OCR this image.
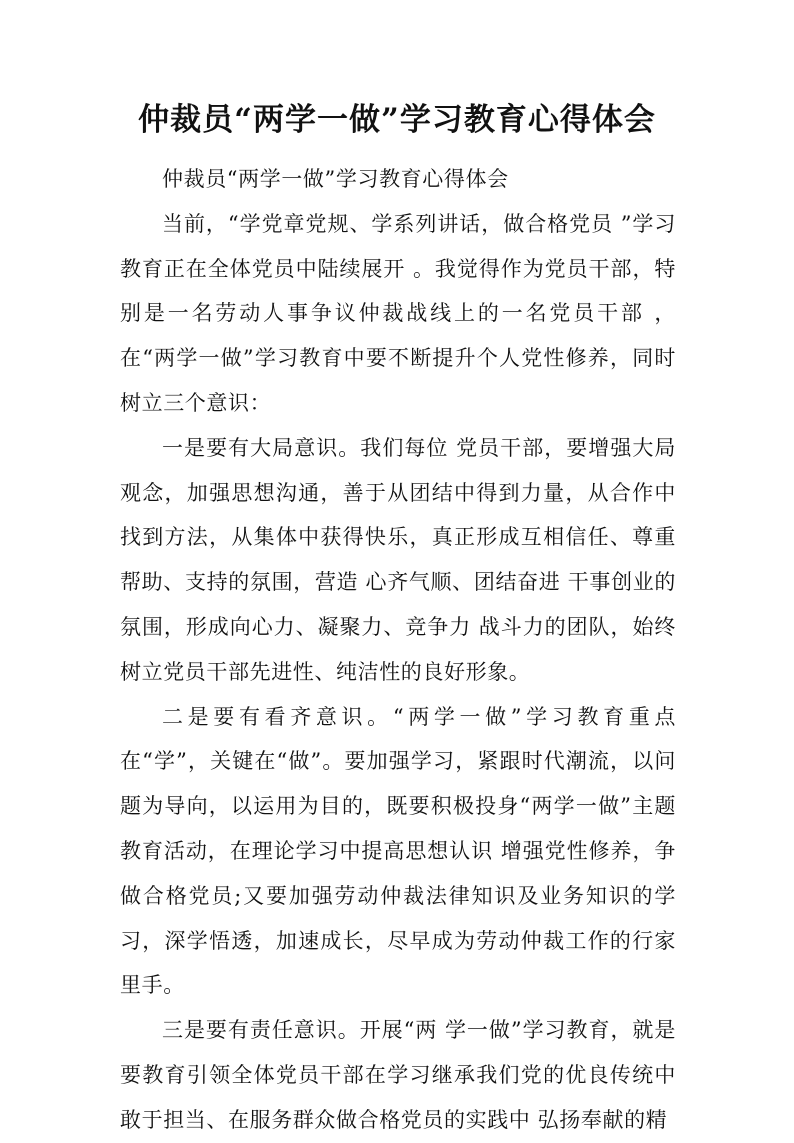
仲裁员“两学一做”学习教育心得体会

仲裁员“两学一做”学习教育心得体会

当前，“学党章党规、学系列讲话，做合格党员 ”学习教育正在全体党员中陆续展开 。我觉得作为党员干部，特别是一名劳动人事争议仲裁战线上的一名党员干部 ，在“两学一做”学习教育中要不断提升个人党性修养，同时树立三个意识：

一是要有大局意识。我们每位 党员干部，要增强大局观念，加强思想沟通，善于从团结中得到力量，从合作中找到方法，从集体中获得快乐，真正形成互相信任、尊重 帮助、支持的氛围，营造 心齐气顺、团结奋进 干事创业的氛围，形成向心力、凝聚力、竞争力 战斗力的团队，始终树立党员干部先进性、纯洁性的良好形象。

二是要有看齐意识。“两学一做”学习教育重点在“学”，关键在“做”。要加强学习，紧跟时代潮流，以问题为导向，以运用为目的，既要积极投身“两学一做”主题教育活动，在理论学习中提高思想认识 增强党性修养，争做合格党员;又要加强劳动仲裁法律知识及业务知识的学习，深学悟透，加速成长，尽早成为劳动仲裁工作的行家里手。

三是要有责任意识。开展“两 学一做”学习教育，就是要教育引领全体党员干部在学习继承我们党的优良传统中敢于担当、在服务群众做合格党员的实践中 弘扬奉献的精
